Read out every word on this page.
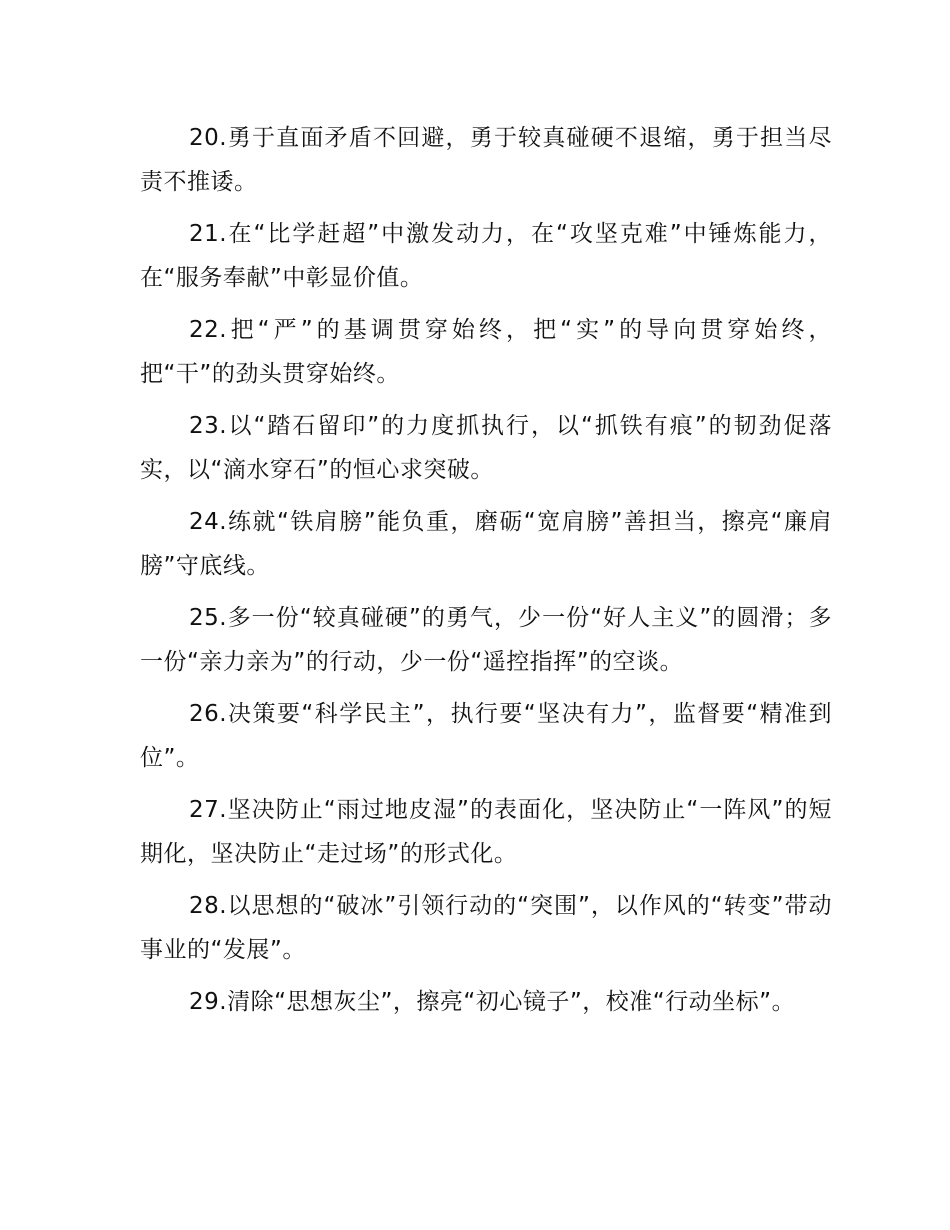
20.勇于直面矛盾不回避，勇于较真碰硬不退缩，勇于担当尽责不推诿。

21.在“比学赶超”中激发动力，在“攻坚克难”中锤炼能力，在“服务奉献”中彰显价值。

22.把“严”的基调贯穿始终，把“实”的导向贯穿始终，把“干”的劲头贯穿始终。

23.以“踏石留印”的力度抓执行，以“抓铁有痕”的韧劲促落实，以“滴水穿石”的恒心求突破。

24.练就“铁肩膀”能负重，磨砺“宽肩膀”善担当，擦亮“廉肩膀”守底线。

25.多一份“较真碰硬”的勇气，少一份“好人主义”的圆滑；多一份“亲力亲为”的行动，少一份“遥控指挥”的空谈。

26.决策要“科学民主”，执行要“坚决有力”，监督要“精准到位”。

27.坚决防止“雨过地皮湿”的表面化，坚决防止“一阵风”的短期化，坚决防止“走过场”的形式化。

28.以思想的“破冰”引领行动的“突围”，以作风的“转变”带动事业的“发展”。

29.清除“思想灰尘”，擦亮“初心镜子”，校准“行动坐标”。
